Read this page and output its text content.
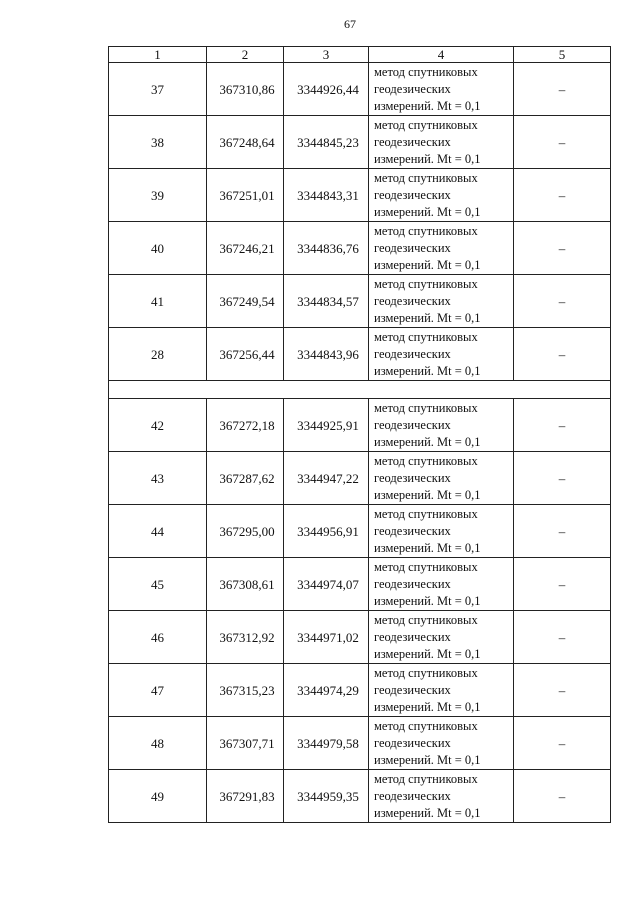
67
1	2	3	4	5
37	367310,86	3344926,44	метод спутниковых
геодезических
измерений. Mt = 0,1	–
38	367248,64	3344845,23	метод спутниковых
геодезических
измерений. Mt = 0,1	–
39	367251,01	3344843,31	метод спутниковых
геодезических
измерений. Mt = 0,1	–
40	367246,21	3344836,76	метод спутниковых
геодезических
измерений. Mt = 0,1	–
41	367249,54	3344834,57	метод спутниковых
геодезических
измерений. Mt = 0,1	–
28	367256,44	3344843,96	метод спутниковых
геодезических
измерений. Mt = 0,1	–

42	367272,18	3344925,91	метод спутниковых
геодезических
измерений. Mt = 0,1	–
43	367287,62	3344947,22	метод спутниковых
геодезических
измерений. Mt = 0,1	–
44	367295,00	3344956,91	метод спутниковых
геодезических
измерений. Mt = 0,1	–
45	367308,61	3344974,07	метод спутниковых
геодезических
измерений. Mt = 0,1	–
46	367312,92	3344971,02	метод спутниковых
геодезических
измерений. Mt = 0,1	–
47	367315,23	3344974,29	метод спутниковых
геодезических
измерений. Mt = 0,1	–
48	367307,71	3344979,58	метод спутниковых
геодезических
измерений. Mt = 0,1	–
49	367291,83	3344959,35	метод спутниковых
геодезических
измерений. Mt = 0,1	–
